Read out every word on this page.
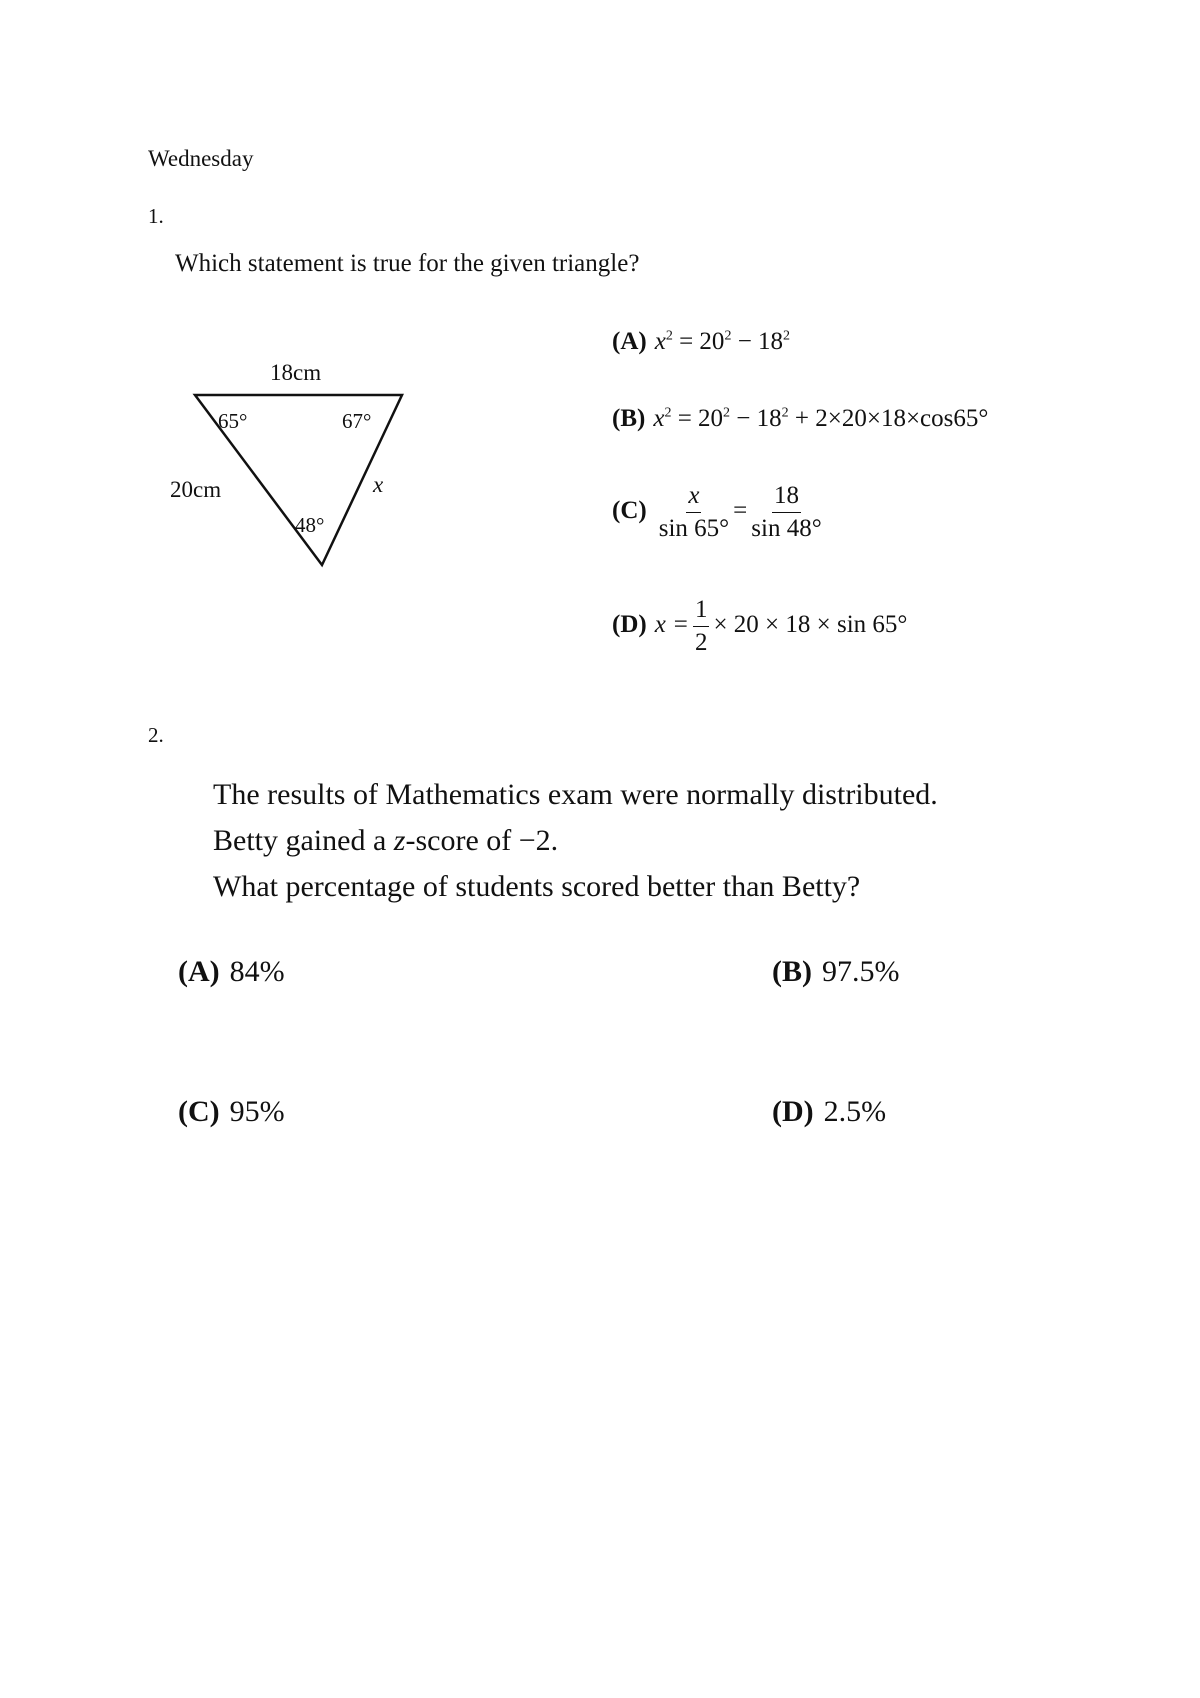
Wednesday
1.
Which statement is true for the given triangle?
18cm
20cm	x
65°	67°
48°
(A) $x^2 = 20^2 - 18^2$
(B) $x^2 = 20^2 - 18^2 + 2\times 20\times 18\times\cos 65^\circ$
$(C) \frac{x}{\sin 65^\circ} = \frac{18}{\sin 48^\circ}$
(D) $x = \frac{1}{2} \times 20 \times 18 \times \sin 65^\circ$
2.
The results of Mathematics exam were normally distributed.
Betty gained a z-score of −2.
What percentage of students scored better than Betty?
(A) 84%	(B) 97.5%
(C) 95%	(D) 2.5%
